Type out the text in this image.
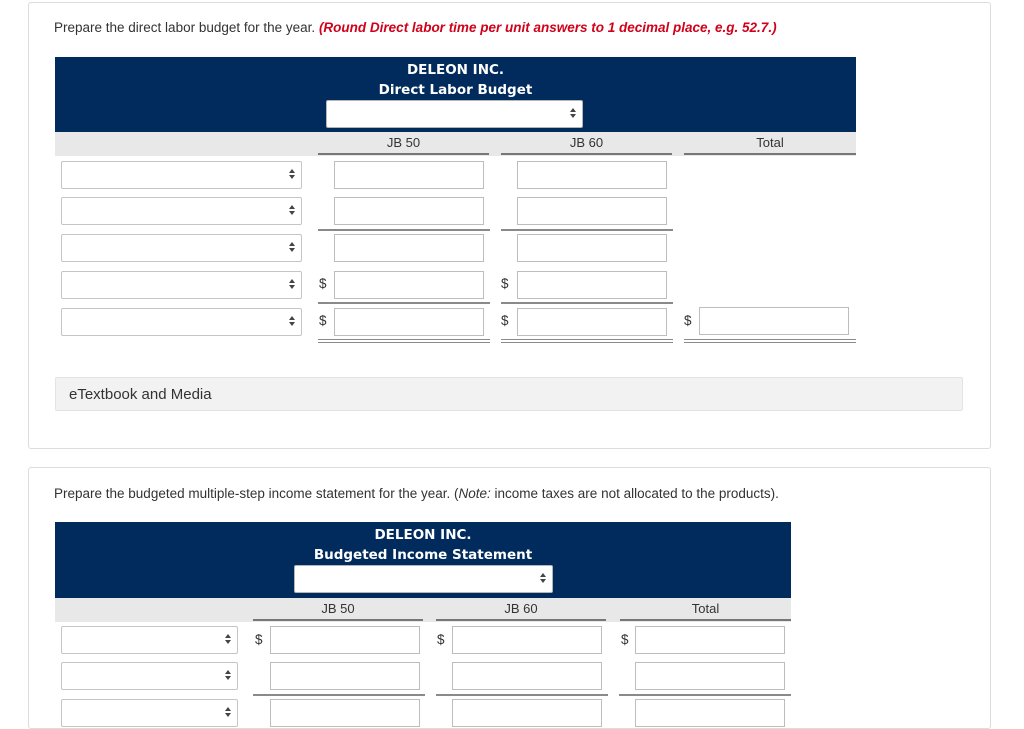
Prepare the direct labor budget for the year. (Round Direct labor time per unit answers to 1 decimal place, e.g. 52.7.)
DELEON INC.
Direct Labor Budget
JB 50	JB 60	Total
$	$
$	$	$
eTextbook and Media
Prepare the budgeted multiple-step income statement for the year. (Note: income taxes are not allocated to the products).
DELEON INC.
Budgeted Income Statement
JB 50	JB 60	Total
$	$	$
